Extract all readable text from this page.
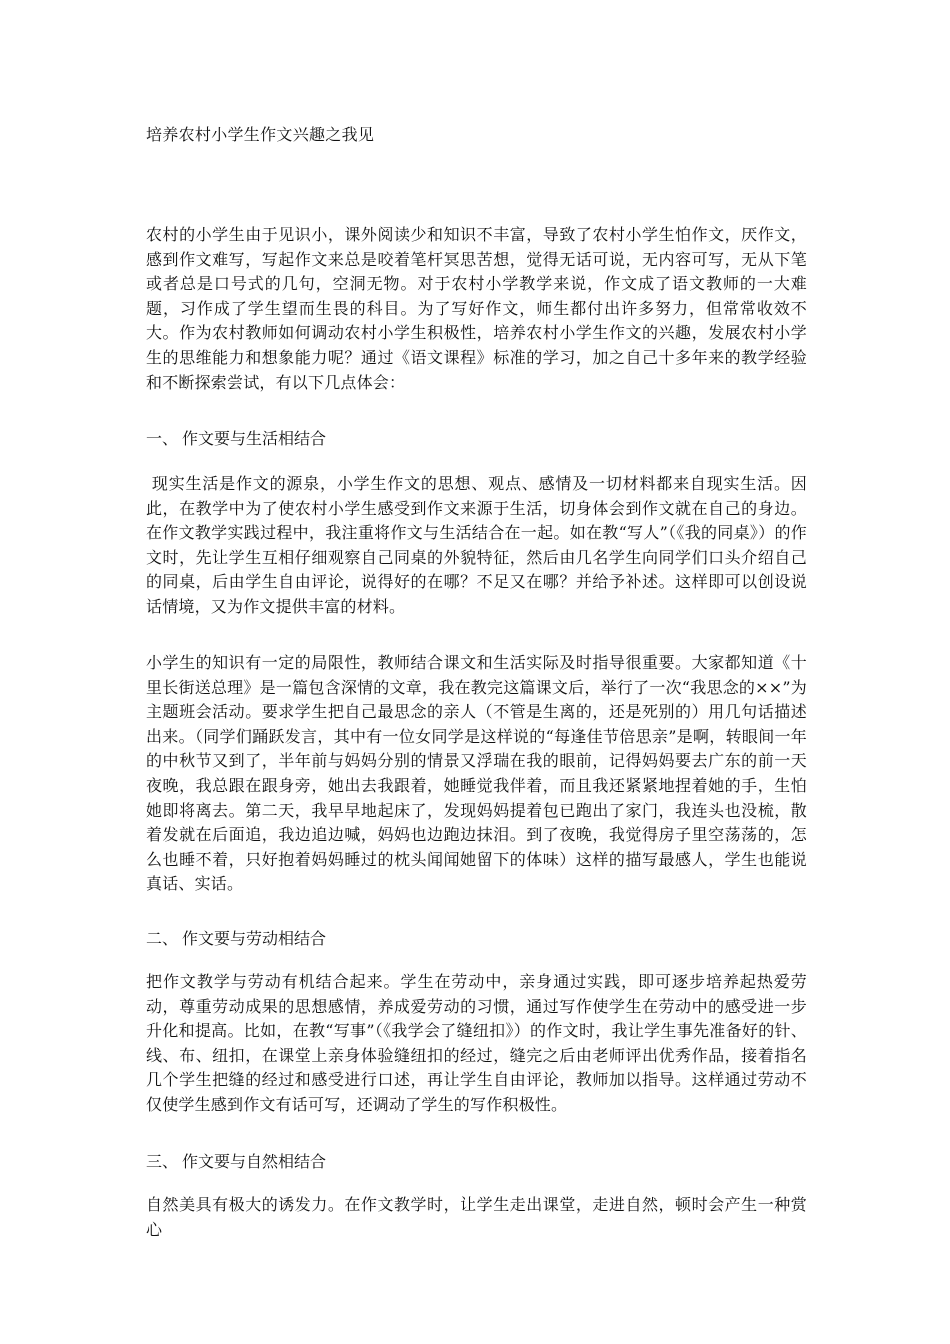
培养农村小学生作文兴趣之我见

农村的小学生由于见识小，课外阅读少和知识不丰富，导致了农村小学生怕作文，厌作文，感到作文难写，写起作文来总是咬着笔杆冥思苦想，觉得无话可说，无内容可写，无从下笔或者总是口号式的几句，空洞无物。对于农村小学教学来说，作文成了语文教师的一大难题，习作成了学生望而生畏的科目。为了写好作文，师生都付出许多努力，但常常收效不大。作为农村教师如何调动农村小学生积极性，培养农村小学生作文的兴趣，发展农村小学生的思维能力和想象能力呢？通过《语文课程》标准的学习，加之自己十多年来的教学经验和不断探索尝试，有以下几点体会：

一、 作文要与生活相结合

现实生活是作文的源泉，小学生作文的思想、观点、感情及一切材料都来自现实生活。因此，在教学中为了使农村小学生感受到作文来源于生活，切身体会到作文就在自己的身边。在作文教学实践过程中，我注重将作文与生活结合在一起。如在教“写人”（《我的同桌》）的作文时，先让学生互相仔细观察自己同桌的外貌特征，然后由几名学生向同学们口头介绍自己的同桌，后由学生自由评论，说得好的在哪？不足又在哪？并给予补述。这样即可以创设说话情境，又为作文提供丰富的材料。

小学生的知识有一定的局限性，教师结合课文和生活实际及时指导很重要。大家都知道《十里长街送总理》是一篇包含深情的文章，我在教完这篇课文后，举行了一次“我思念的××”为主题班会活动。要求学生把自己最思念的亲人（不管是生离的，还是死别的）用几句话描述出来。（同学们踊跃发言，其中有一位女同学是这样说的“每逢佳节倍思亲”是啊，转眼间一年的中秋节又到了，半年前与妈妈分别的情景又浮瑞在我的眼前，记得妈妈要去广东的前一天夜晚，我总跟在跟身旁，她出去我跟着，她睡觉我伴着，而且我还紧紧地捏着她的手，生怕她即将离去。第二天，我早早地起床了，发现妈妈提着包已跑出了家门，我连头也没梳，散着发就在后面追，我边追边喊，妈妈也边跑边抹泪。到了夜晚，我觉得房子里空荡荡的，怎么也睡不着，只好抱着妈妈睡过的枕头闻闻她留下的体味）这样的描写最感人，学生也能说真话、实话。

二、 作文要与劳动相结合

把作文教学与劳动有机结合起来。学生在劳动中，亲身通过实践，即可逐步培养起热爱劳动，尊重劳动成果的思想感情，养成爱劳动的习惯，通过写作使学生在劳动中的感受进一步升化和提高。比如，在教“写事”（《我学会了缝纽扣》）的作文时，我让学生事先准备好的针、线、布、纽扣，在课堂上亲身体验缝纽扣的经过，缝完之后由老师评出优秀作品，接着指名几个学生把缝的经过和感受进行口述，再让学生自由评论，教师加以指导。这样通过劳动不仅使学生感到作文有话可写，还调动了学生的写作积极性。

三、 作文要与自然相结合

自然美具有极大的诱发力。在作文教学时，让学生走出课堂，走进自然，顿时会产生一种赏心
